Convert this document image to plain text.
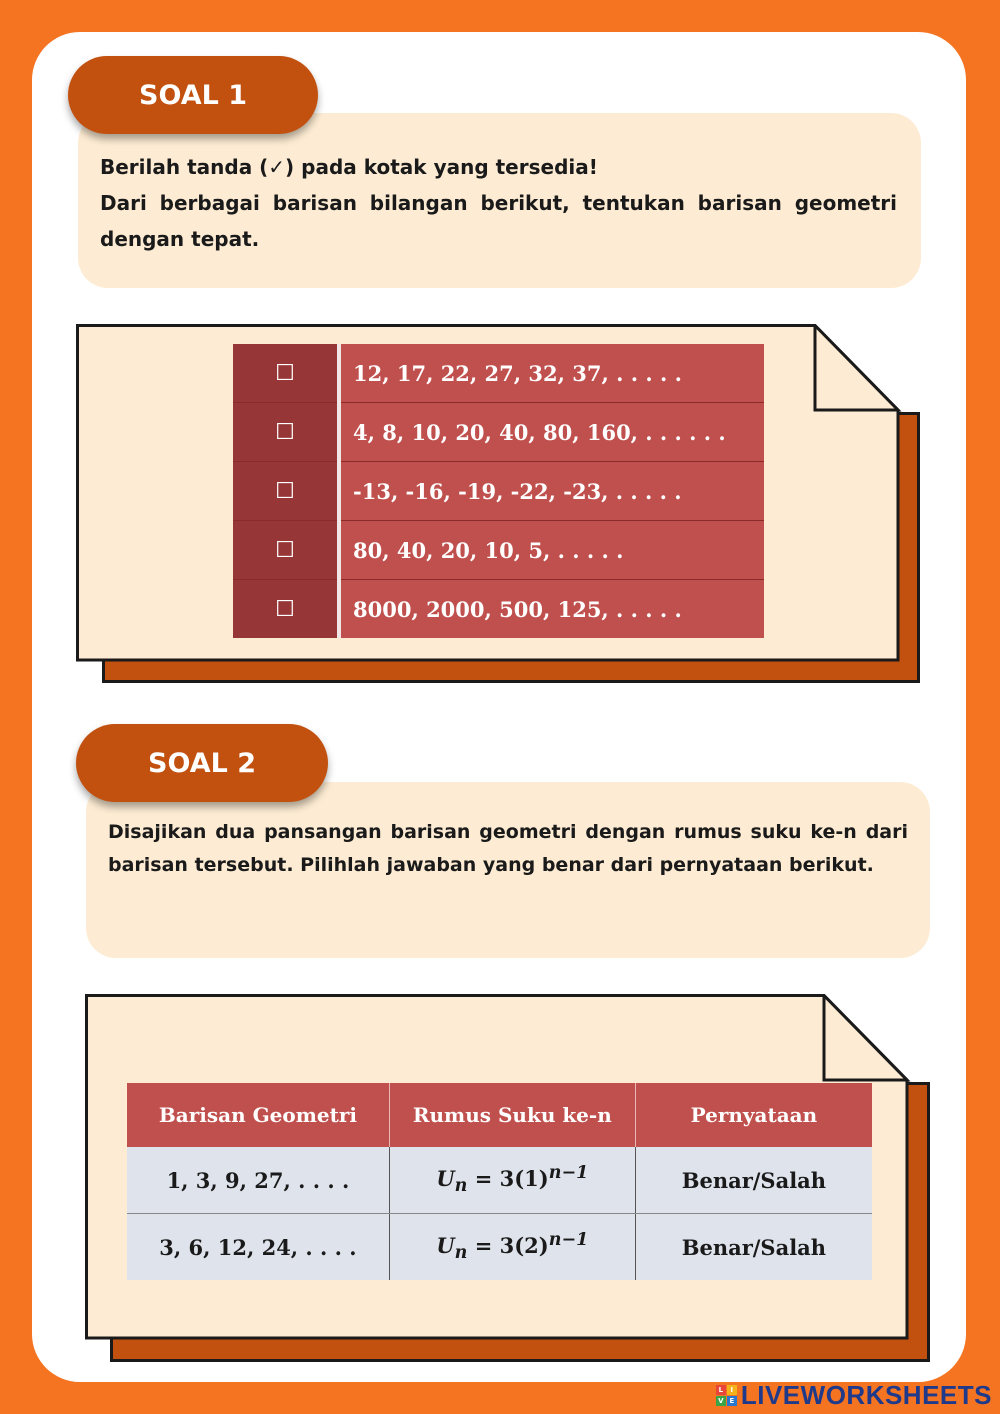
Berilah tanda (✓) pada kotak yang tersedia!

Dari berbagai barisan bilangan berikut, tentukan barisan geometri dengan tepat.

SOAL 1
☐	12, 17, 22, 27, 32, 37, . . . . .
☐	4, 8, 10, 20, 40, 80, 160, . . . . . .
☐	-13, -16, -19, -22, -23, . . . . .
☐	80, 40, 20, 10, 5, . . . . .
☐	8000, 2000, 500, 125, . . . . .

Disajikan dua pansangan barisan geometri dengan rumus suku ke-n dari barisan tersebut. Pilihlah jawaban yang benar dari pernyataan berikut.

SOAL 2
Barisan Geometri	Rumus Suku ke-n	Pernyataan
1, 3, 9, 27, . . . .	$U_n = 3(1)^{n-1}$	Benar/Salah
3, 6, 12, 24, . . . .	$U_n = 3(2)^{n-1}$	Benar/Salah
L	I
V E LIVEWORKSHEETS
